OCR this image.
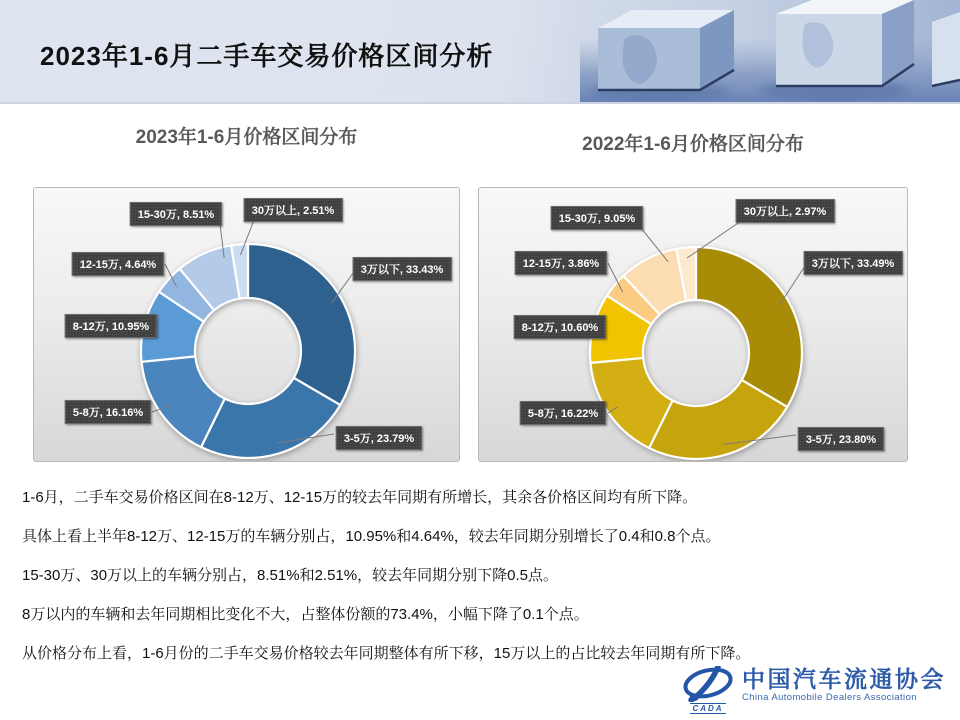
2023年1-6月二手车交易价格区间分析
2023年1-6月价格区间分布	2022年1-6月价格区间分布
3万以下, 33.43%
3-5万, 23.79%
5-8万, 16.16%
8-12万, 10.95%
12-15万, 4.64%
15-30万, 8.51%	30万以上, 2.51%
3万以下, 33.49%
3-5万, 23.80%
5-8万, 16.22%
8-12万, 10.60%
12-15万, 3.86%
15-30万, 9.05%
30万以上, 2.97%

1-6月，二手车交易价格区间在8-12万、12-15万的较去年同期有所增长，其余各价格区间均有所下降。

具体上看上半年8-12万、12-15万的车辆分别占，10.95%和4.64%，较去年同期分别增长了0.4和0.8个点。

15-30万、30万以上的车辆分别占，8.51%和2.51%，较去年同期分别下降0.5点。

8万以内的车辆和去年同期相比变化不大，占整体份额的73.4%，小幅下降了0.1个点。

从价格分布上看，1-6月份的二手车交易价格较去年同期整体有所下移，15万以上的占比较去年同期有所下降。

CADA
中国汽车流通协会
China Automobile Dealers Association
